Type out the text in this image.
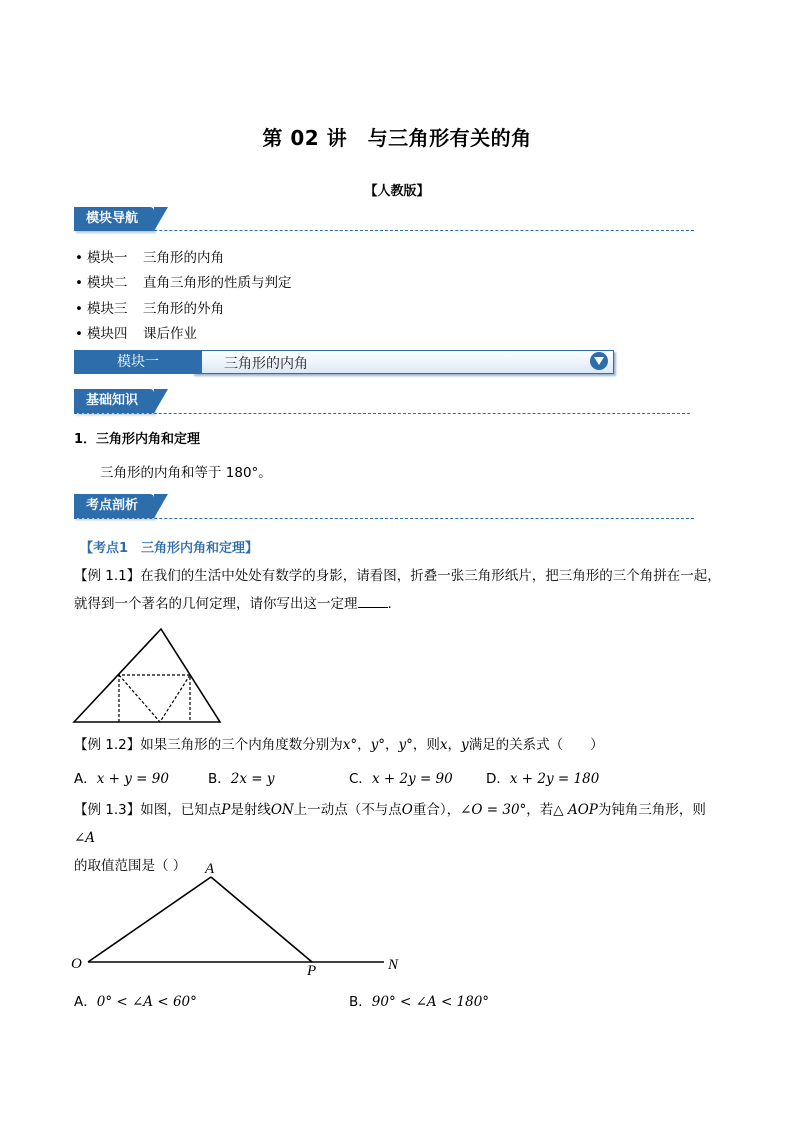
第 02 讲　与三角形有关的角
【人教版】
模块导航
• 模块一 三角形的内角
• 模块二 直角三角形的性质与判定
• 模块三 三角形的外角
• 模块四 课后作业
模块一	三角形的内角
基础知识
1．三角形内角和定理
三角形的内角和等于 180°。
考点剖析
【考点1　三角形内角和定理】
【例 1.1】在我们的生活中处处有数学的身影，请看图，折叠一张三角形纸片，把三角形的三个角拼在一起，
就得到一个著名的几何定理，请你写出这一定理 .
【例 1.2】如果三角形的三个内角度数分别为x°，y°，y°，则x，y满足的关系式（　　）
A．x + y = 90	B．2x = y	C．x + 2y = 90 D．x + 2y = 180
【例 1.3】如图，已知点P是射线ON上一动点（不与点O重合），∠O = 30°，若△ AOP为钝角三角形，则∠A
的取值范围是（ ）	A
O	P	N
A．0° < ∠A < 60°	B．90° < ∠A < 180°
